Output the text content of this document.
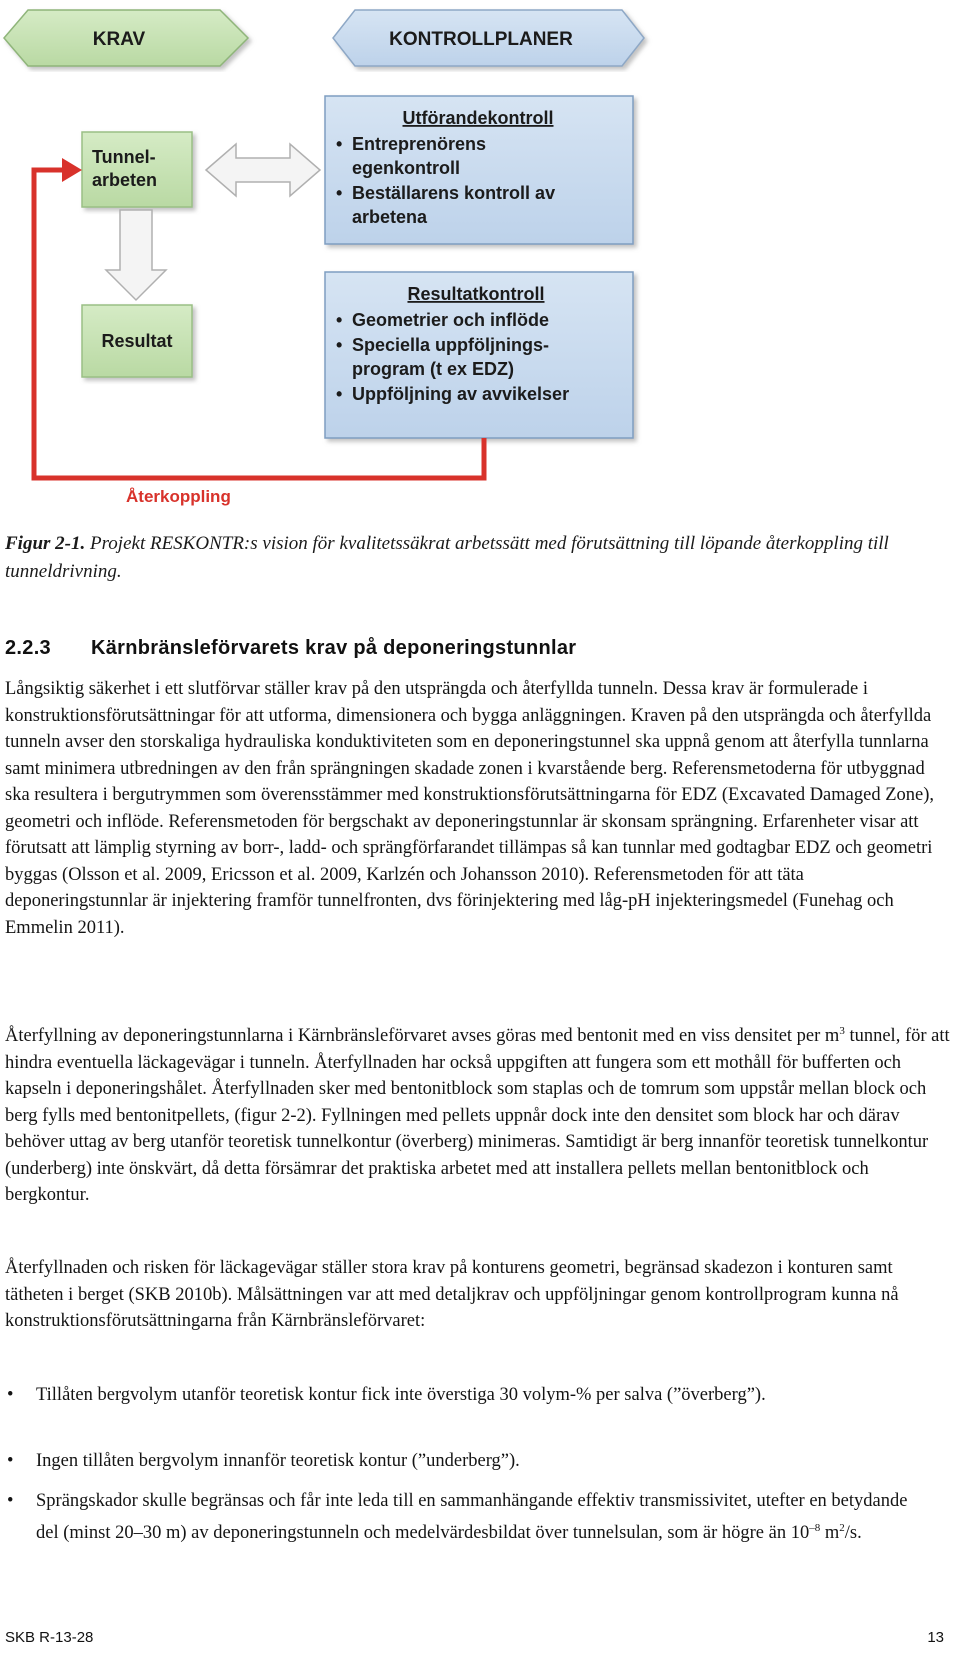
KRAV	KONTROLLPLANER
Tunnel-
arbeten
Resultat
Utförandekontroll
• Entreprenörens
egenkontroll
• Beställarens kontroll av
arbetena
Resultatkontroll
• Geometrier och inflöde
• Speciella uppföljnings-
program (t ex EDZ)
• Uppföljning av avvikelser
Återkoppling
Figur 2-1. Projekt RESKONTR:s vision för kvalitetssäkrat arbetssätt med förutsättning till löpande återkoppling till tunneldrivning.
2.2.3 Kärnbränsleförvarets krav på deponeringstunnlar
Långsiktig säkerhet i ett slutförvar ställer krav på den utsprängda och återfyllda tunneln. Dessa krav är formulerade i konstruktionsförutsättningar för att utforma, dimensionera och bygga anläggningen. Kraven på den utsprängda och återfyllda tunneln avser den storskaliga hydrauliska konduktiviteten som en deponeringstunnel ska uppnå genom att återfylla tunnlarna samt minimera utbredningen av den från sprängningen skadade zonen i kvarstående berg. Referensmetoderna för utbyggnad ska resultera i bergutrymmen som överensstämmer med konstruktionsförutsättningarna för EDZ (Excavated Damaged Zone), geometri och inflöde. Referensmetoden för bergschakt av deponeringstunnlar är skonsam sprängning. Erfarenheter visar att förutsatt att lämplig styrning av borr-, ladd- och sprängförfarandet tillämpas så kan tunnlar med godtagbar EDZ och geometri byggas (Olsson et al. 2009, Ericsson et al. 2009, Karlzén och Johansson 2010). Referensmetoden för att täta deponeringstunnlar är injektering framför tunnelfronten, dvs förinjektering med låg-pH injekteringsmedel (Funehag och Emmelin 2011).
Återfyllning av deponeringstunnlarna i Kärnbränsleförvaret avses göras med bentonit med en viss densitet per $m^3$ tunnel, för att hindra eventuella läckagevägar i tunneln. Återfyllnaden har också uppgiften att fungera som ett mothåll för bufferten och kapseln i deponeringshålet. Återfyllnaden sker med bentonitblock som staplas och de tomrum som uppstår mellan block och berg fylls med bentonitpellets, (figur 2-2). Fyllningen med pellets uppnår dock inte den densitet som block har och därav behöver uttag av berg utanför teoretisk tunnelkontur (överberg) minimeras. Samtidigt är berg innanför teoretisk tunnelkontur (underberg) inte önskvärt, då detta försämrar det praktiska arbetet med att installera pellets mellan bentonitblock och bergkontur.
Återfyllnaden och risken för läckagevägar ställer stora krav på konturens geometri, begränsad skadezon i konturen samt tätheten i berget (SKB 2010b). Målsättningen var att med detaljkrav och uppföljningar genom kontrollprogram kunna nå konstruktionsförutsättningarna från Kärnbränsleförvaret:
• Tillåten bergvolym utanför teoretisk kontur fick inte överstiga 30 volym-% per salva (”överberg”).
• Ingen tillåten bergvolym innanför teoretisk kontur (”underberg”).
• Sprängskador skulle begränsas och får inte leda till en sammanhängande effektiv transmissivitet, utefter en betydande del (minst 20–30 m) av deponeringstunneln och medelvärdesbildat över tunnelsulan, som är högre än $10^{-8}$ $m^2/s$.
SKB R-13-28	13
